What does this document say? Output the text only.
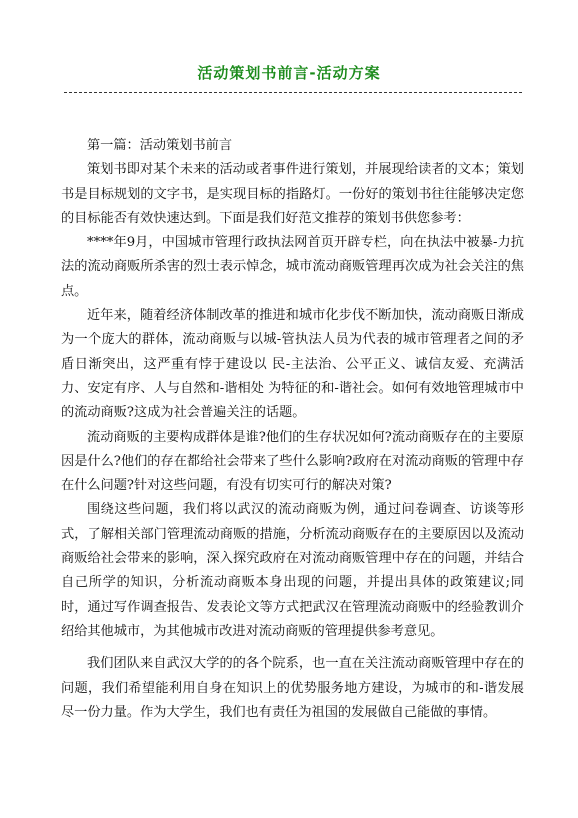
活动策划书前言-活动方案

第一篇：活动策划书前言

策划书即对某个未来的活动或者事件进行策划，并展现给读者的文本；策划书是目标规划的文字书，是实现目标的指路灯。一份好的策划书往往能够决定您的目标能否有效快速达到。下面是我们好范文推荐的策划书供您参考：

****年9月，中国城市管理行政执法网首页开辟专栏，向在执法中被暴-力抗法的流动商贩所杀害的烈士表示悼念，城市流动商贩管理再次成为社会关注的焦点。

近年来，随着经济体制改革的推进和城市化步伐不断加快，流动商贩日渐成为一个庞大的群体，流动商贩与以城-管执法人员为代表的城市管理者之间的矛盾日渐突出，这严重有悖于建设以 民-主法治、公平正义、诚信友爱、充满活力、安定有序、人与自然和-谐相处 为特征的和-谐社会。如何有效地管理城市中的流动商贩?这成为社会普遍关注的话题。

流动商贩的主要构成群体是谁?他们的生存状况如何?流动商贩存在的主要原因是什么?他们的存在都给社会带来了些什么影响?政府在对流动商贩的管理中存在什么问题?针对这些问题，有没有切实可行的解决对策?

围绕这些问题，我们将以武汉的流动商贩为例，通过问卷调查、访谈等形式，了解相关部门管理流动商贩的措施，分析流动商贩存在的主要原因以及流动商贩给社会带来的影响，深入探究政府在对流动商贩管理中存在的问题，并结合自己所学的知识，分析流动商贩本身出现的问题，并提出具体的政策建议;同时，通过写作调查报告、发表论文等方式把武汉在管理流动商贩中的经验教训介绍给其他城市，为其他城市改进对流动商贩的管理提供参考意见。

我们团队来自武汉大学的的各个院系，也一直在关注流动商贩管理中存在的问题，我们希望能利用自身在知识上的优势服务地方建设，为城市的和-谐发展尽一份力量。作为大学生，我们也有责任为祖国的发展做自己能做的事情。
